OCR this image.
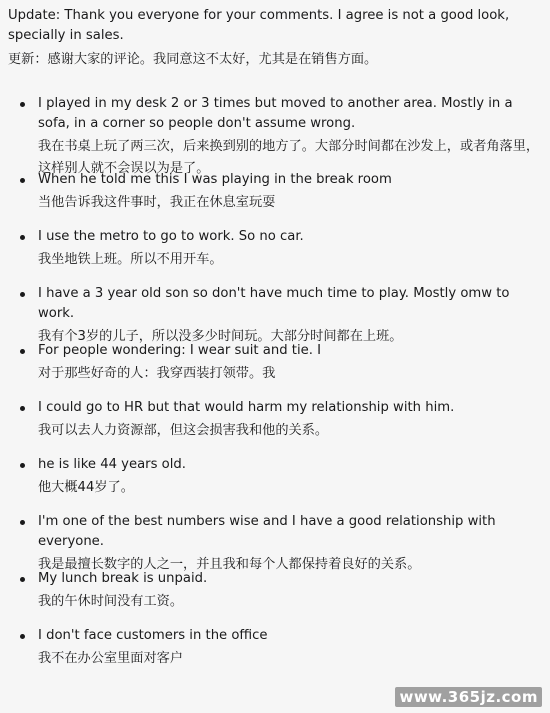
Update: Thank you everyone for your comments. I agree is not a good look, specially in sales.

更新：感谢大家的评论。我同意这不太好，尤其是在销售方面。

I played in my desk 2 or 3 times but moved to another area. Mostly in a sofa, in a corner so people don't assume wrong.

我在书桌上玩了两三次，后来换到别的地方了。大部分时间都在沙发上，或者角落里，这样别人就不会误以为是了。

When he told me this I was playing in the break room

当他告诉我这件事时，我正在休息室玩耍

I use the metro to go to work. So no car.

我坐地铁上班。所以不用开车。

I have a 3 year old son so don't have much time to play. Mostly omw to work.

我有个3岁的儿子，所以没多少时间玩。大部分时间都在上班。

For people wondering: I wear suit and tie. I

对于那些好奇的人：我穿西装打领带。我

I could go to HR but that would harm my relationship with him.

我可以去人力资源部，但这会损害我和他的关系。

he is like 44 years old.

他大概44岁了。

I'm one of the best numbers wise and I have a good relationship with everyone.

我是最擅长数字的人之一，并且我和每个人都保持着良好的关系。

My lunch break is unpaid.

我的午休时间没有工资。

I don't face customers in the office

我不在办公室里面对客户

www.365jz.com
